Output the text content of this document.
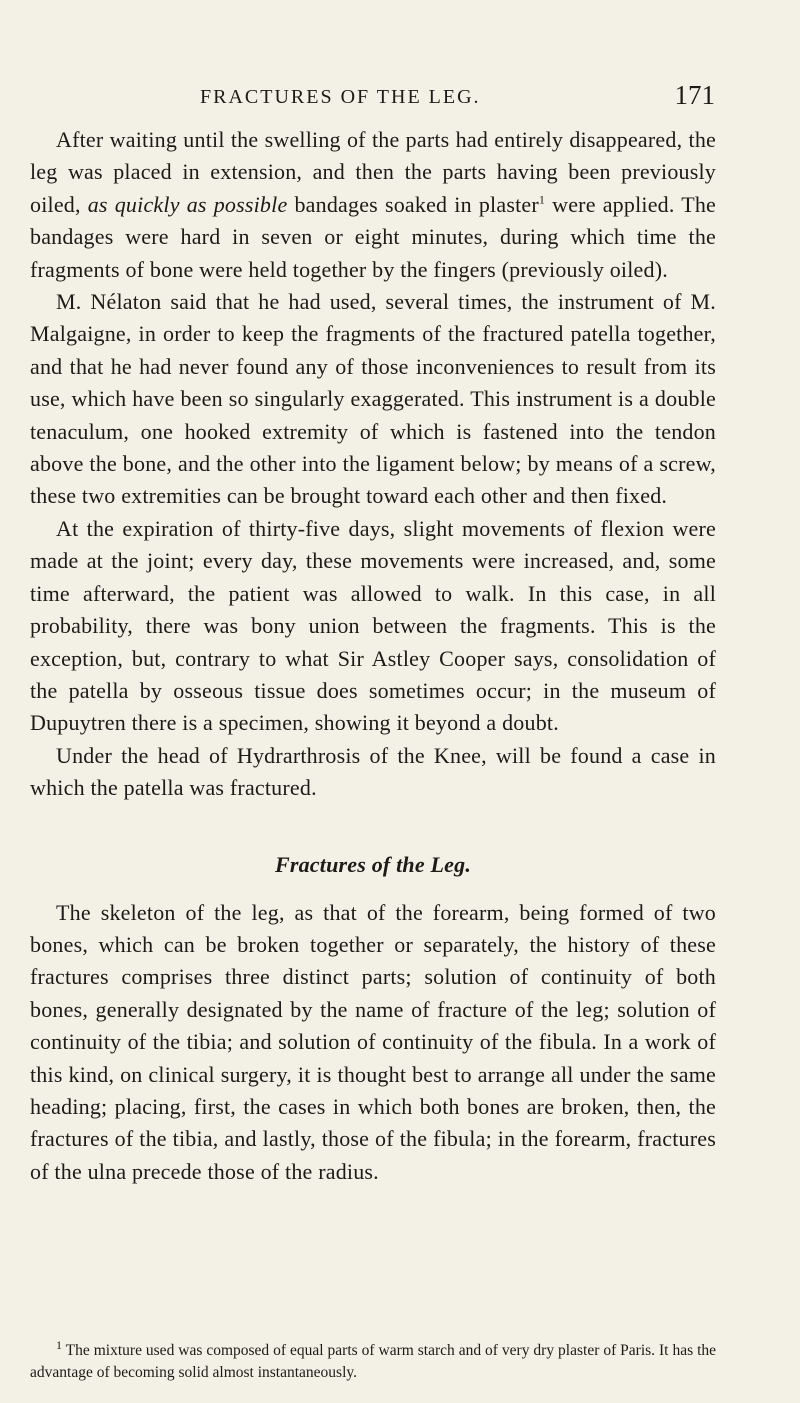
FRACTURES OF THE LEG.	171

After waiting until the swelling of the parts had entirely disappeared, the leg was placed in extension, and then the parts having been previously oiled, as quickly as possible bandages soaked in plaster$^1$ were applied. The bandages were hard in seven or eight minutes, during which time the fragments of bone were held together by the fingers (previously oiled).

M. Nélaton said that he had used, several times, the instrument of M. Malgaigne, in order to keep the fragments of the fractured patella together, and that he had never found any of those inconveniences to result from its use, which have been so singularly exaggerated. This instrument is a double tenaculum, one hooked extremity of which is fastened into the tendon above the bone, and the other into the ligament below; by means of a screw, these two extremities can be brought toward each other and then fixed.

At the expiration of thirty-five days, slight movements of flexion were made at the joint; every day, these movements were increased, and, some time afterward, the patient was allowed to walk. In this case, in all probability, there was bony union between the fragments. This is the exception, but, contrary to what Sir Astley Cooper says, consolidation of the patella by osseous tissue does sometimes occur; in the museum of Dupuytren there is a specimen, showing it beyond a doubt.

Under the head of Hydrarthrosis of the Knee, will be found a case in which the patella was fractured.

Fractures of the Leg.

The skeleton of the leg, as that of the forearm, being formed of two bones, which can be broken together or separately, the history of these fractures comprises three distinct parts; solution of continuity of both bones, generally designated by the name of fracture of the leg; solution of continuity of the tibia; and solution of continuity of the fibula. In a work of this kind, on clinical surgery, it is thought best to arrange all under the same heading; placing, first, the cases in which both bones are broken, then, the fractures of the tibia, and lastly, those of the fibula; in the forearm, fractures of the ulna precede those of the radius.

$^1$ The mixture used was composed of equal parts of warm starch and of very dry plaster of Paris. It has the advantage of becoming solid almost instantaneously.
